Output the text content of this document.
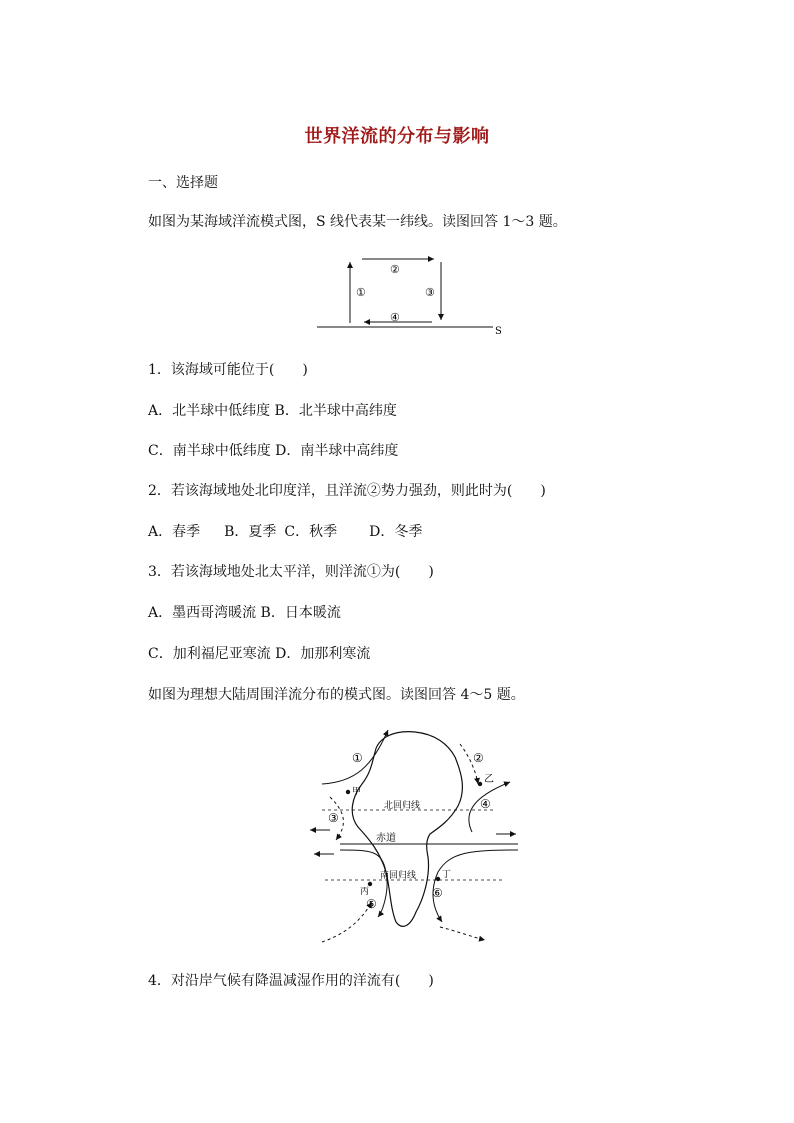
世界洋流的分布与影响
一、选择题
如图为某海域洋流模式图，S 线代表某一纬线。读图回答 1～3 题。
①
②
③
④
S
1．该海域可能位于(　　)
A．北半球中低纬度 B．北半球中高纬度
C．南半球中低纬度 D．南半球中高纬度
2．若该海域地处北印度洋，且洋流②势力强劲，则此时为(　　)
A．春季 B．夏季 C．秋季 D．冬季
3．若该海域地处北太平洋，则洋流①为(　　)
A．墨西哥湾暖流 B．日本暖流
C．加利福尼亚寒流 D．加那利寒流
如图为理想大陆周围洋流分布的模式图。读图回答 4～5 题。
①	②
③
④
⑤
⑥
甲
乙
丙
丁
北回归线
赤道
南回归线
4．对沿岸气候有降温减湿作用的洋流有(　　)
